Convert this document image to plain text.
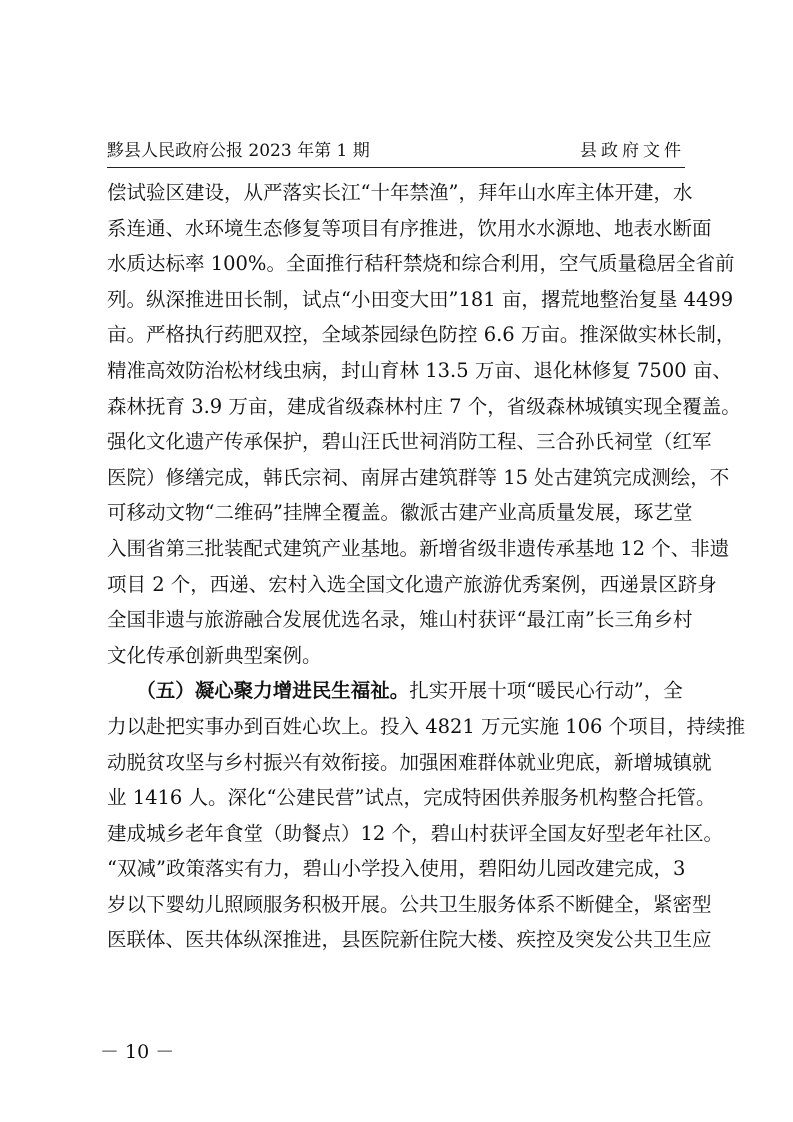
黟县人民政府公报 2023 年第 1 期	县政府文件
偿试验区建设，从严落实长江“十年禁渔”，拜年山水库主体开建，水
系连通、水环境生态修复等项目有序推进，饮用水水源地、地表水断面
水质达标率 100%。全面推行秸秆禁烧和综合利用，空气质量稳居全省前
列。纵深推进田长制，试点“小田变大田”181 亩，撂荒地整治复垦 4499
亩。严格执行药肥双控，全域茶园绿色防控 6.6 万亩。推深做实林长制，
精准高效防治松材线虫病，封山育林 13.5 万亩、退化林修复 7500 亩、
森林抚育 3.9 万亩，建成省级森林村庄 7 个，省级森林城镇实现全覆盖。
强化文化遗产传承保护，碧山汪氏世祠消防工程、三合孙氏祠堂（红军
医院）修缮完成，韩氏宗祠、南屏古建筑群等 15 处古建筑完成测绘，不
可移动文物“二维码”挂牌全覆盖。徽派古建产业高质量发展，琢艺堂
入围省第三批装配式建筑产业基地。新增省级非遗传承基地 12 个、非遗
项目 2 个，西递、宏村入选全国文化遗产旅游优秀案例，西递景区跻身
全国非遗与旅游融合发展优选名录，雉山村获评“最江南”长三角乡村
文化传承创新典型案例。
　　（五）凝心聚力增进民生福祉。扎实开展十项“暖民心行动”，全
力以赴把实事办到百姓心坎上。投入 4821 万元实施 106 个项目，持续推
动脱贫攻坚与乡村振兴有效衔接。加强困难群体就业兜底，新增城镇就
业 1416 人。深化“公建民营”试点，完成特困供养服务机构整合托管。
建成城乡老年食堂（助餐点）12 个，碧山村获评全国友好型老年社区。
“双减”政策落实有力，碧山小学投入使用，碧阳幼儿园改建完成，3
岁以下婴幼儿照顾服务积极开展。公共卫生服务体系不断健全，紧密型
医联体、医共体纵深推进，县医院新住院大楼、疾控及突发公共卫生应
－ 10 －
